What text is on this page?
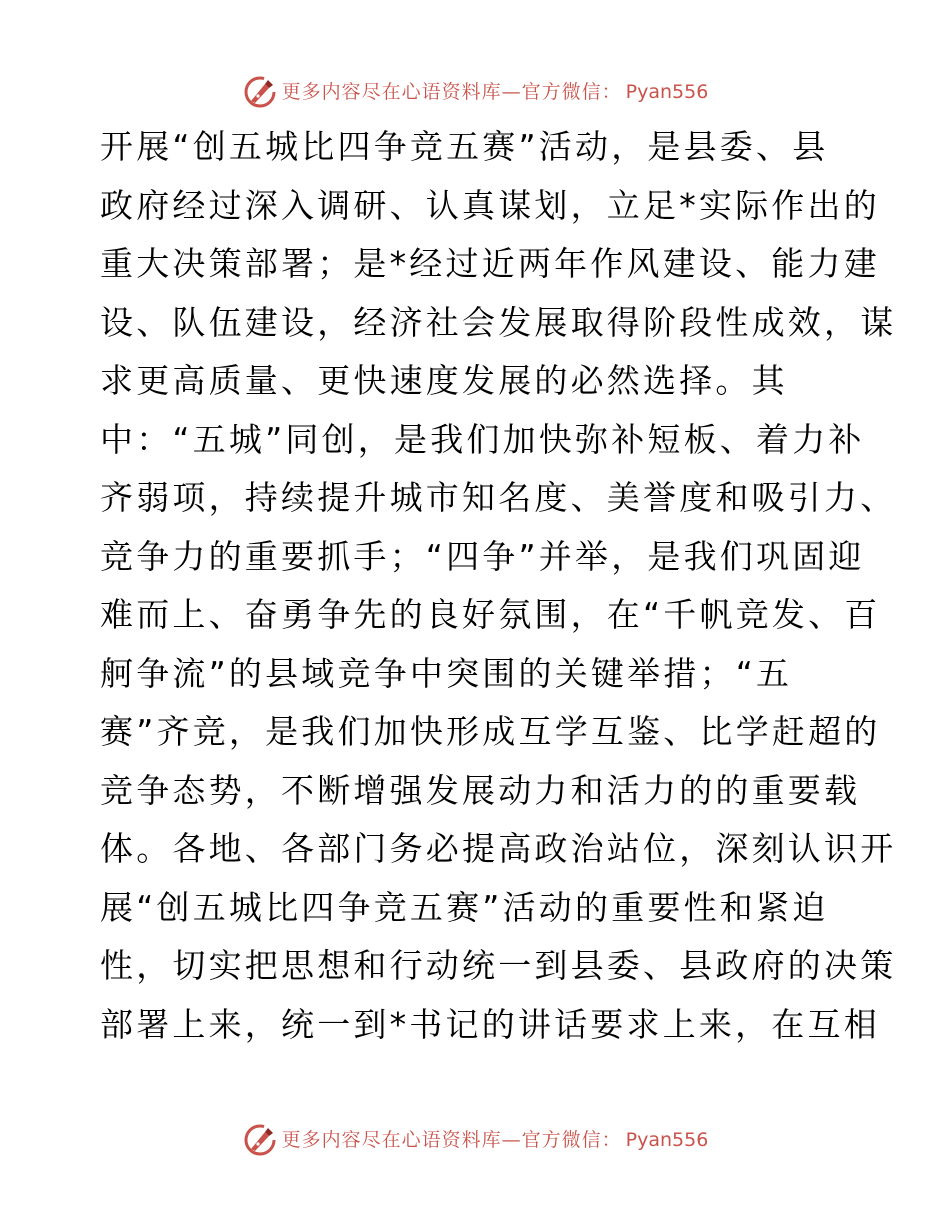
更多内容尽在心语资料库—官方微信： Pyan556
开展“创五城比四争竞五赛”活动，是县委、县
政府经过深入调研、认真谋划，立足*实际作出的
重大决策部署；是*经过近两年作风建设、能力建
设、队伍建设，经济社会发展取得阶段性成效，谋
求更高质量、更快速度发展的必然选择。其
中：“五城”同创，是我们加快弥补短板、着力补
齐弱项，持续提升城市知名度、美誉度和吸引力、
竞争力的重要抓手；“四争”并举，是我们巩固迎
难而上、奋勇争先的良好氛围，在“千帆竞发、百
舸争流”的县域竞争中突围的关键举措；“五
赛”齐竞，是我们加快形成互学互鉴、比学赶超的
竞争态势，不断增强发展动力和活力的的重要载
体。各地、各部门务必提高政治站位，深刻认识开
展“创五城比四争竞五赛”活动的重要性和紧迫
性，切实把思想和行动统一到县委、县政府的决策
部署上来，统一到*书记的讲话要求上来，在互相
更多内容尽在心语资料库—官方微信： Pyan556
